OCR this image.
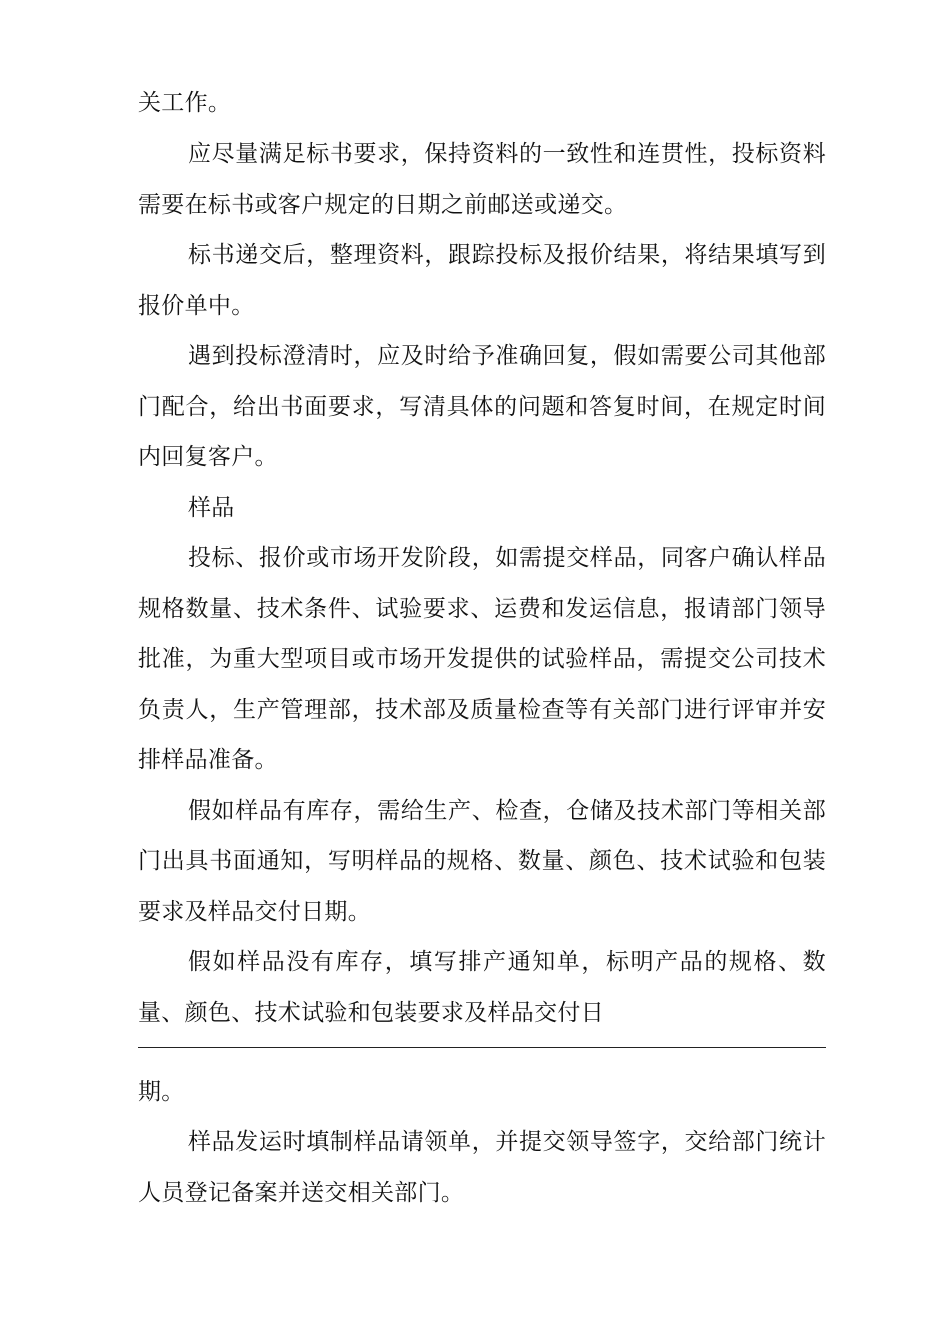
关工作。
应尽量满足标书要求，保持资料的一致性和连贯性，投标资料
需要在标书或客户规定的日期之前邮送或递交。
标书递交后，整理资料，跟踪投标及报价结果，将结果填写到
报价单中。
遇到投标澄清时，应及时给予准确回复，假如需要公司其他部
门配合，给出书面要求，写清具体的问题和答复时间，在规定时间
内回复客户。
样品
投标、报价或市场开发阶段，如需提交样品，同客户确认样品
规格数量、技术条件、试验要求、运费和发运信息，报请部门领导
批准，为重大型项目或市场开发提供的试验样品，需提交公司技术
负责人，生产管理部，技术部及质量检查等有关部门进行评审并安
排样品准备。
假如样品有库存，需给生产、检查，仓储及技术部门等相关部
门出具书面通知，写明样品的规格、数量、颜色、技术试验和包装
要求及样品交付日期。
假如样品没有库存，填写排产通知单，标明产品的规格、数
量、颜色、技术试验和包装要求及样品交付日
期。
样品发运时填制样品请领单，并提交领导签字，交给部门统计
人员登记备案并送交相关部门。
